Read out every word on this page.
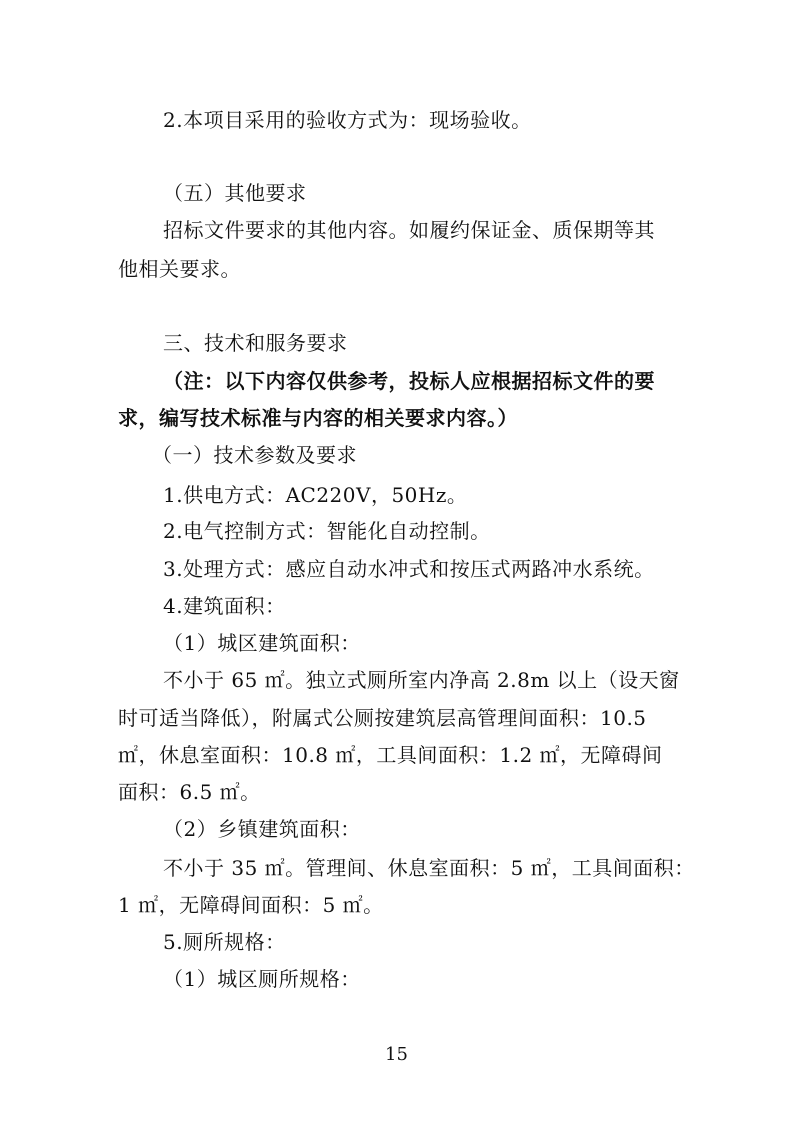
2.本项目采用的验收方式为：现场验收。
（五）其他要求
招标文件要求的其他内容。如履约保证金、质保期等其
他相关要求。
三、技术和服务要求
（注：以下内容仅供参考，投标人应根据招标文件的要
求，编写技术标准与内容的相关要求内容。）
（一）技术参数及要求
1.供电方式：AC220V，50Hz。
2.电气控制方式：智能化自动控制。
3.处理方式：感应自动水冲式和按压式两路冲水系统。
4.建筑面积：
（1）城区建筑面积：
不小于 65 ㎡。独立式厕所室内净高 2.8m 以上（设天窗
时可适当降低），附属式公厕按建筑层高管理间面积：10.5
㎡，休息室面积：10.8 ㎡，工具间面积：1.2 ㎡，无障碍间
面积：6.5 ㎡。
（2）乡镇建筑面积：
不小于 35 ㎡。管理间、休息室面积：5 ㎡，工具间面积：
1 ㎡，无障碍间面积：5 ㎡。
5.厕所规格：
（1）城区厕所规格：
15
